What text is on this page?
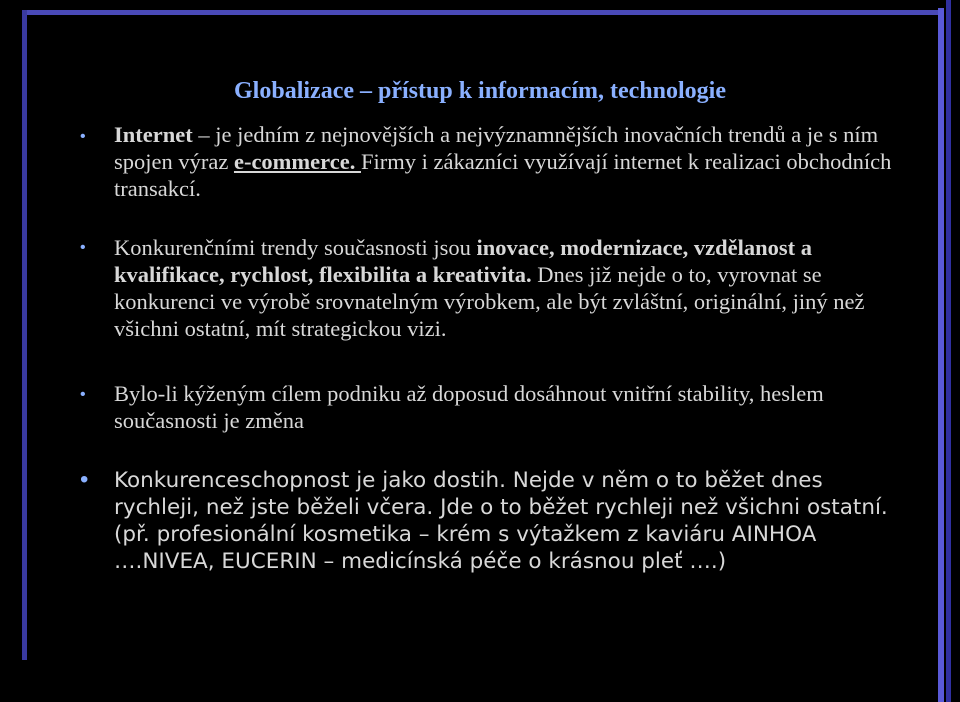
Globalizace – přístup k informacím, technologie
• Internet – je jedním z nejnovějších a nejvýznamnějších inovačních trendů a je s ním spojen výraz e-commerce. Firmy i zákazníci využívají internet k realizaci obchodních transakcí.
• Konkurenčními trendy současnosti jsou inovace, modernizace, vzdělanost a kvalifikace, rychlost, flexibilita a kreativita. Dnes již nejde o to, vyrovnat se konkurenci ve výrobě srovnatelným výrobkem, ale být zvláštní, originální, jiný než všichni ostatní, mít strategickou vizi.
• Bylo-li kýženým cílem podniku až doposud dosáhnout vnitřní stability, heslem současnosti je změna
• Konkurenceschopnost je jako dostih. Nejde v něm o to běžet dnes rychleji, než jste běželi včera. Jde o to běžet rychleji než všichni ostatní. (př. profesionální kosmetika – krém s výtažkem z kaviáru AINHOA ….NIVEA, EUCERIN – medicínská péče o krásnou pleť ….)
